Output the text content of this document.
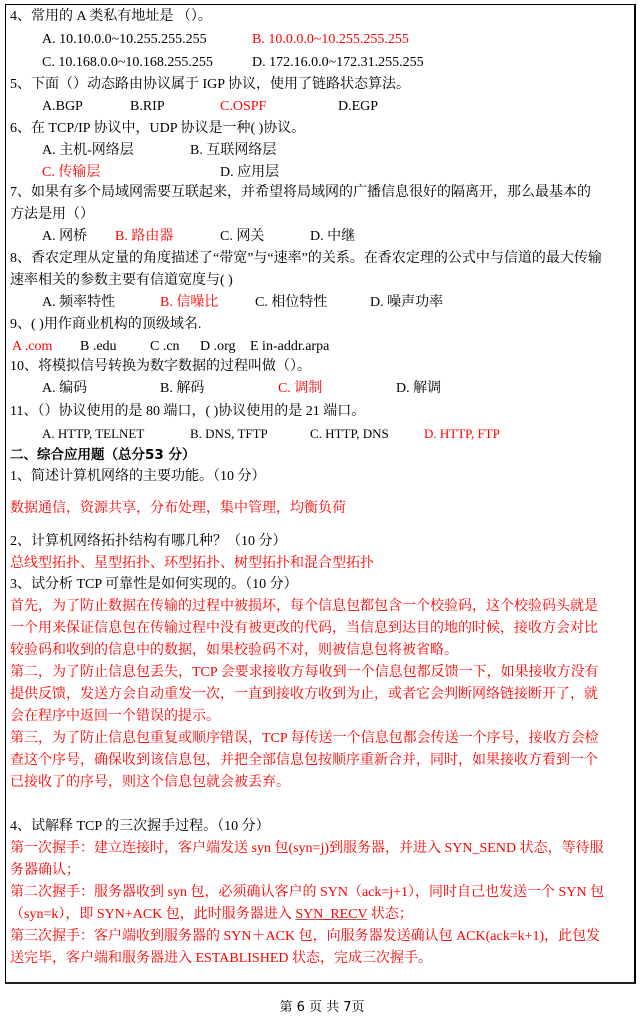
4、常用的 A 类私有地址是 （）。
A. 10.10.0.0~10.255.255.255	B. 10.0.0.0~10.255.255.255
C. 10.168.0.0~10.168.255.255	D. 172.16.0.0~172.31.255.255
5、下面（）动态路由协议属于 IGP 协议，使用了链路状态算法。
A.BGP	B.RIP	C.OSPF	D.EGP
6、在 TCP/IP 协议中，UDP 协议是一种( )协议。
A. 主机-网络层	B. 互联网络层
C. 传输层	D. 应用层
7、如果有多个局域网需要互联起来，并希望将局域网的广播信息很好的隔离开，那么最基本的
方法是用（）
A. 网桥 B. 路由器	C. 网关	D. 中继
8、香农定理从定量的角度描述了“带宽”与“速率”的关系。在香农定理的公式中与信道的最大传输
速率相关的参数主要有信道宽度与( )
A. 频率特性	B. 信噪比	C. 相位特性	D. 噪声功率
9、( )用作商业机构的顶级域名.
A .com B .edu C .cn D .org E in-addr.arpa
10、将模拟信号转换为数字数据的过程叫做（）。
A. 编码	B. 解码	C. 调制	D. 解调
11、（）协议使用的是 80 端口，( )协议使用的是 21 端口。
A. HTTP, TELNET	B. DNS, TFTP	C. HTTP, DNS	D. HTTP, FTP
二、综合应用题（总分53 分）
1、简述计算机网络的主要功能。（10 分）
数据通信，资源共享，分布处理，集中管理，均衡负荷
2、计算机网络拓扑结构有哪几种？（10 分）
总线型拓扑、星型拓扑、环型拓扑、树型拓扑和混合型拓扑
3、试分析 TCP 可靠性是如何实现的。（10 分）
首先，为了防止数据在传输的过程中被损坏，每个信息包都包含一个校验码，这个校验码头就是
一个用来保证信息包在传输过程中没有被更改的代码，当信息到达目的地的时候，接收方会对比
较验码和收到的信息中的数据，如果校验码不对，则被信息包将被省略。
第二，为了防止信息包丢失，TCP 会要求接收方每收到一个信息包都反馈一下，如果接收方没有
提供反馈，发送方会自动重发一次，一直到接收方收到为止，或者它会判断网络链接断开了，就
会在程序中返回一个错误的提示。
第三，为了防止信息包重复或顺序错误，TCP 每传送一个信息包都会传送一个序号，接收方会检
查这个序号，确保收到该信息包，并把全部信息包按顺序重新合并，同时，如果接收方看到一个
已接收了的序号，则这个信息包就会被丢弃。
4、试解释 TCP 的三次握手过程。（10 分）
第一次握手：建立连接时，客户端发送 syn 包(syn=j)到服务器，并进入 SYN_SEND 状态，等待服
务器确认；
第二次握手：服务器收到 syn 包，必须确认客户的 SYN（ack=j+1），同时自己也发送一个 SYN 包
（syn=k），即 SYN+ACK 包，此时服务器进入 SYN_RECV 状态；
第三次握手：客户端收到服务器的 SYN＋ACK 包，向服务器发送确认包 ACK(ack=k+1)，此包发
送完毕，客户端和服务器进入 ESTABLISHED 状态，完成三次握手。
第 6 页 共 7页
